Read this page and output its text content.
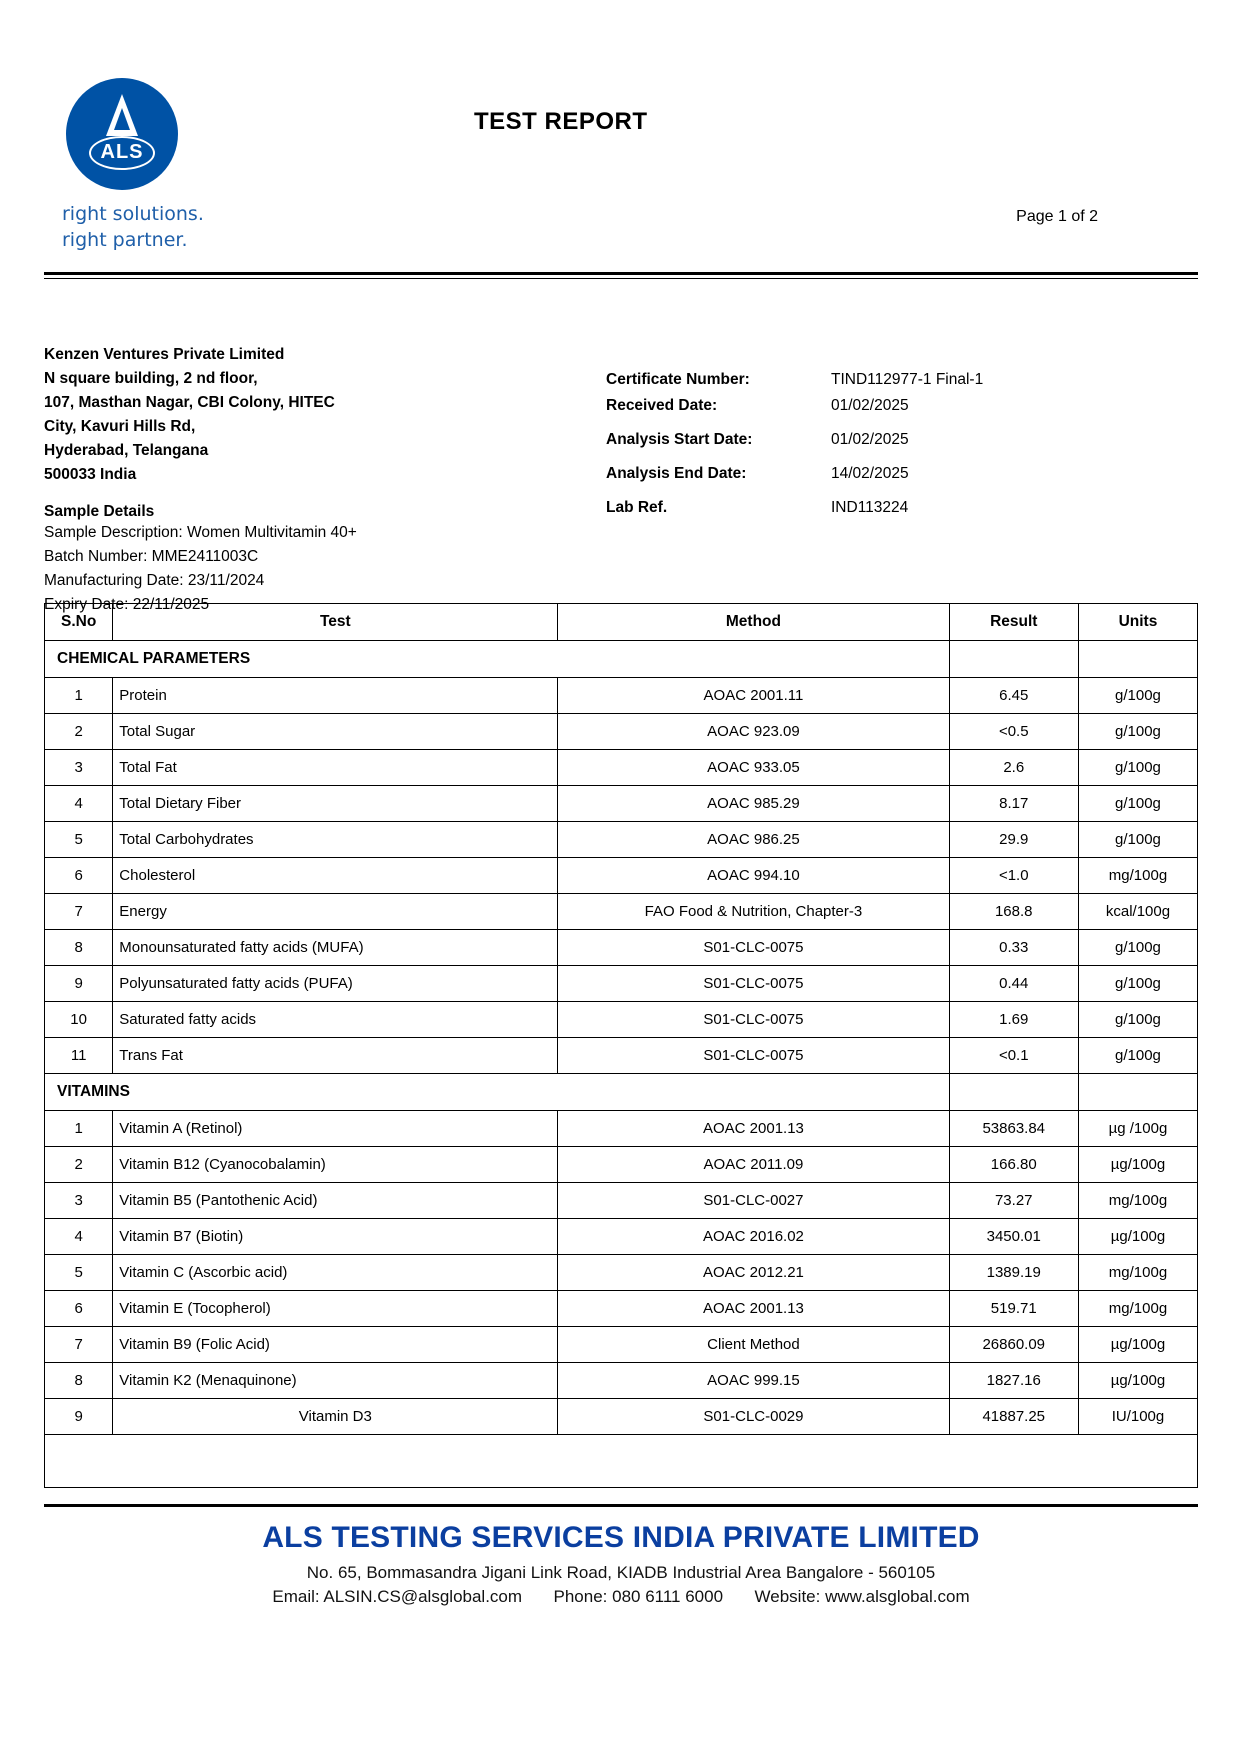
ALS
right solutions.
right partner.
TEST REPORT
Page 1 of 2
Kenzen Ventures Private Limited
N square building, 2 nd floor,
107, Masthan Nagar, CBI Colony, HITEC
City, Kavuri Hills Rd,
Hyderabad, Telangana
500033 India
Sample Details
Sample Description: Women Multivitamin 40+
Batch Number: MME2411003C
Manufacturing Date: 23/11/2024
Expiry Date: 22/11/2025
Certificate Number:	TIND112977-1 Final-1
Received Date:	01/02/2025
Analysis Start Date:	01/02/2025
Analysis End Date:	14/02/2025
Lab Ref.	IND113224
S.No	Test	Method	Result	Units
CHEMICAL PARAMETERS				
1	Protein	AOAC 2001.11	6.45	g/100g
2	Total Sugar	AOAC 923.09	<0.5	g/100g
3	Total Fat	AOAC 933.05	2.6	g/100g
4	Total Dietary Fiber	AOAC 985.29	8.17	g/100g
5	Total Carbohydrates	AOAC 986.25	29.9	g/100g
6	Cholesterol	AOAC 994.10	<1.0	mg/100g
7	Energy	FAO Food & Nutrition, Chapter-3	168.8	kcal/100g
8	Monounsaturated fatty acids (MUFA)	S01-CLC-0075	0.33	g/100g
9	Polyunsaturated fatty acids (PUFA)	S01-CLC-0075	0.44	g/100g
10	Saturated fatty acids	S01-CLC-0075	1.69	g/100g
11	Trans Fat	S01-CLC-0075	<0.1	g/100g
VITAMINS				
1	Vitamin A (Retinol)	AOAC 2001.13	53863.84	µg /100g
2	Vitamin B12 (Cyanocobalamin)	AOAC 2011.09	166.80	µg/100g
3	Vitamin B5 (Pantothenic Acid)	S01-CLC-0027	73.27	mg/100g
4	Vitamin B7 (Biotin)	AOAC 2016.02	3450.01	µg/100g
5	Vitamin C (Ascorbic acid)	AOAC 2012.21	1389.19	mg/100g
6	Vitamin E (Tocopherol)	AOAC 2001.13	519.71	mg/100g
7	Vitamin B9 (Folic Acid)	Client Method	26860.09	µg/100g
8	Vitamin K2 (Menaquinone)	AOAC 999.15	1827.16	µg/100g
9	Vitamin D3	S01-CLC-0029	41887.25	IU/100g

ALS TESTING SERVICES INDIA PRIVATE LIMITED
No. 65, Bommasandra Jigani Link Road, KIADB Industrial Area Bangalore - 560105
Email: ALSIN.CS@alsglobal.com Phone: 080 6111 6000 Website: www.alsglobal.com
